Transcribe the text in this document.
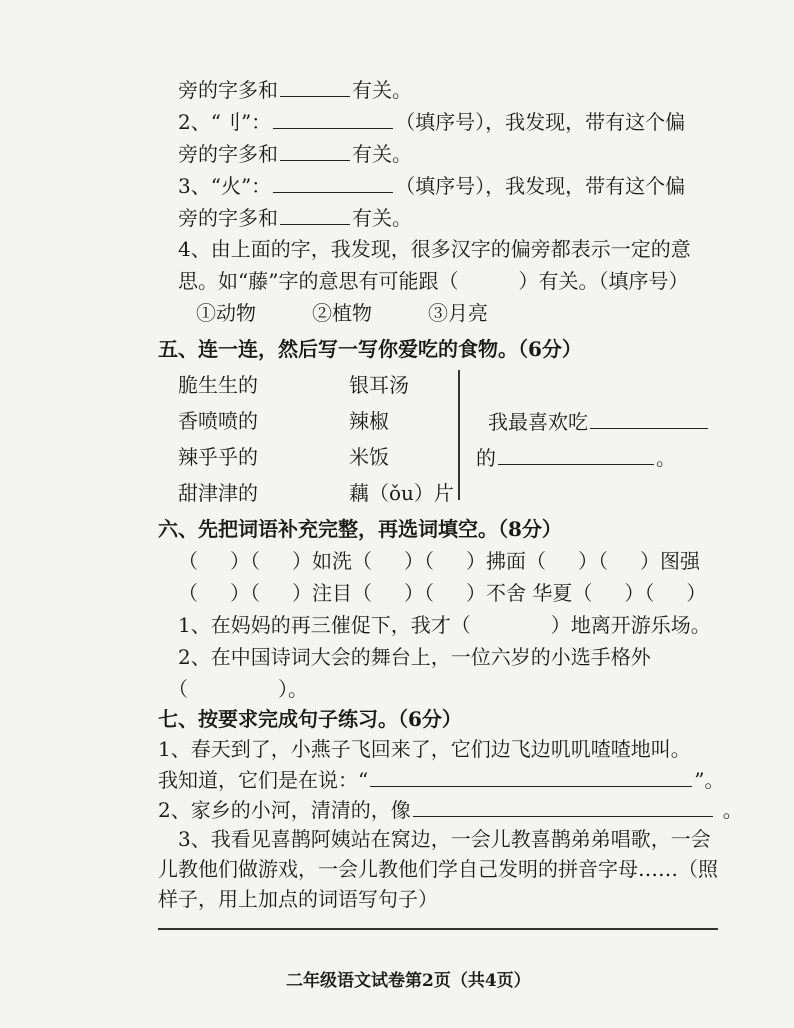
旁的字多和	有关。
2、“刂”：	（填序号），我发现，带有这个偏
旁的字多和	有关。
3、“火”：	（填序号），我发现，带有这个偏
旁的字多和	有关。
4、由上面的字，我发现，很多汉字的偏旁都表示一定的意
思。如“藤”字的意思有可能跟（	）有关。（填序号）
①动物	②植物	③月亮
五、连一连，然后写一写你爱吃的食物。（6分）
脆生生的
香喷喷的
辣乎乎的
甜津津的
银耳汤
辣椒
米饭
藕（ǒu）片
我最喜欢吃
的	。
六、先把词语补充完整，再选词填空。（8分）
（ ）（ ）如洗（ ）（ ）拂面（ ）（ ）图强
（ ）（ ）注目（ ）（ ）不舍 华夏（ ）（ ）
1、在妈妈的再三催促下，我才（	）地离开游乐场。
2、在中国诗词大会的舞台上，一位六岁的小选手格外
（	）。
七、按要求完成句子练习。（6分）
1、春天到了，小燕子飞回来了，它们边飞边叽叽喳喳地叫。
我知道，它们是在说：“	”。
2、家乡的小河，清清的，像	。
3、我看见喜鹊阿姨站在窝边，一会儿教喜鹊弟弟唱歌，一会
儿教他们做游戏，一会儿教他们学自己发明的拼音字母……（照
样子，用上加点的词语写句子）
二年级语文试卷第2页（共4页）
